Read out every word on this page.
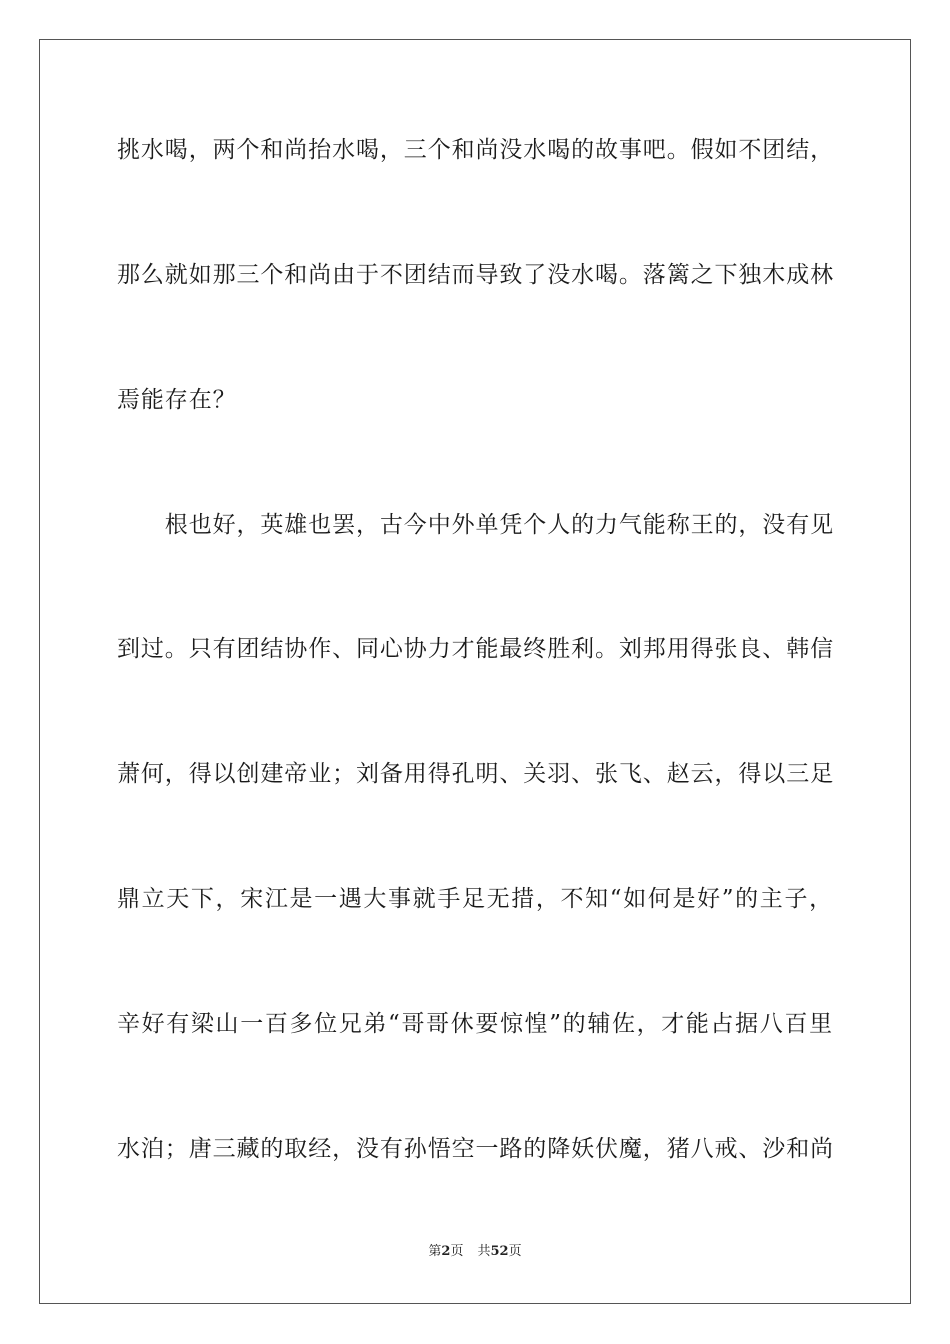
挑水喝，两个和尚抬水喝，三个和尚没水喝的故事吧。假如不团结，
那么就如那三个和尚由于不团结而导致了没水喝。落篱之下独木成林
焉能存在？
　　根也好，英雄也罢，古今中外单凭个人的力气能称王的，没有见
到过。只有团结协作、同心协力才能最终胜利。刘邦用得张良、韩信
萧何，得以创建帝业；刘备用得孔明、关羽、张飞、赵云，得以三足
鼎立天下，宋江是一遇大事就手足无措，不知“如何是好”的主子，
辛好有梁山一百多位兄弟“哥哥休要惊惶”的辅佐，才能占据八百里
水泊；唐三藏的取经，没有孙悟空一路的降妖伏魔，猪八戒、沙和尚
第2页 共52页
